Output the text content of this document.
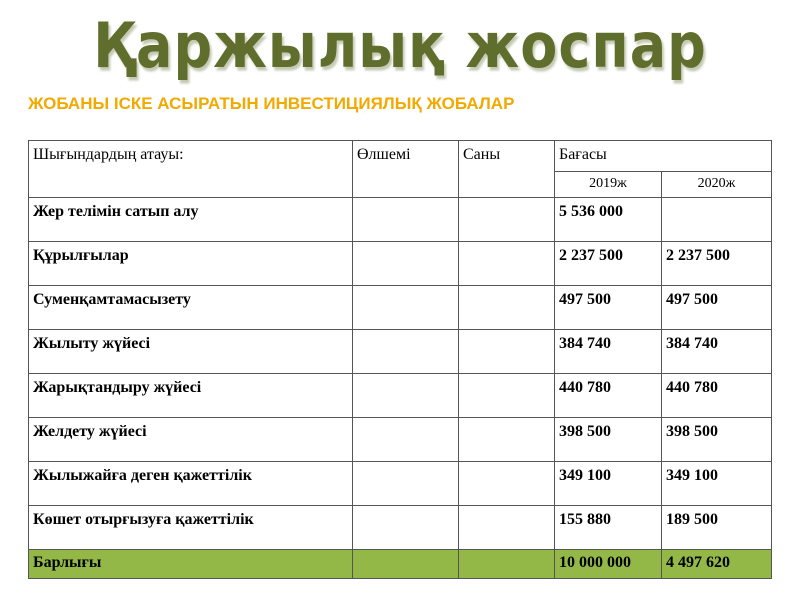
Қаржылық жоспар
ЖОБАНЫ ІСКЕ АСЫРАТЫН ИНВЕСТИЦИЯЛЫҚ ЖОБАЛАР
Шығындардың атауы:	Өлшемі	Саны	Бағасы	
			2019ж	2020ж
Жер телімін сатып алу			5 536 000	
Құрылғылар			2 237 500	2 237 500
Суменқамтамасызету			497 500	497 500
Жылыту жүйесі			384 740	384 740
Жарықтандыру жүйесі			440 780	440 780
Желдету жүйесі			398 500	398 500
Жылыжайға деген қажеттілік			349 100	349 100
Көшет отырғызуға қажеттілік			155 880	189 500
Барлығы			10 000 000	4 497 620
